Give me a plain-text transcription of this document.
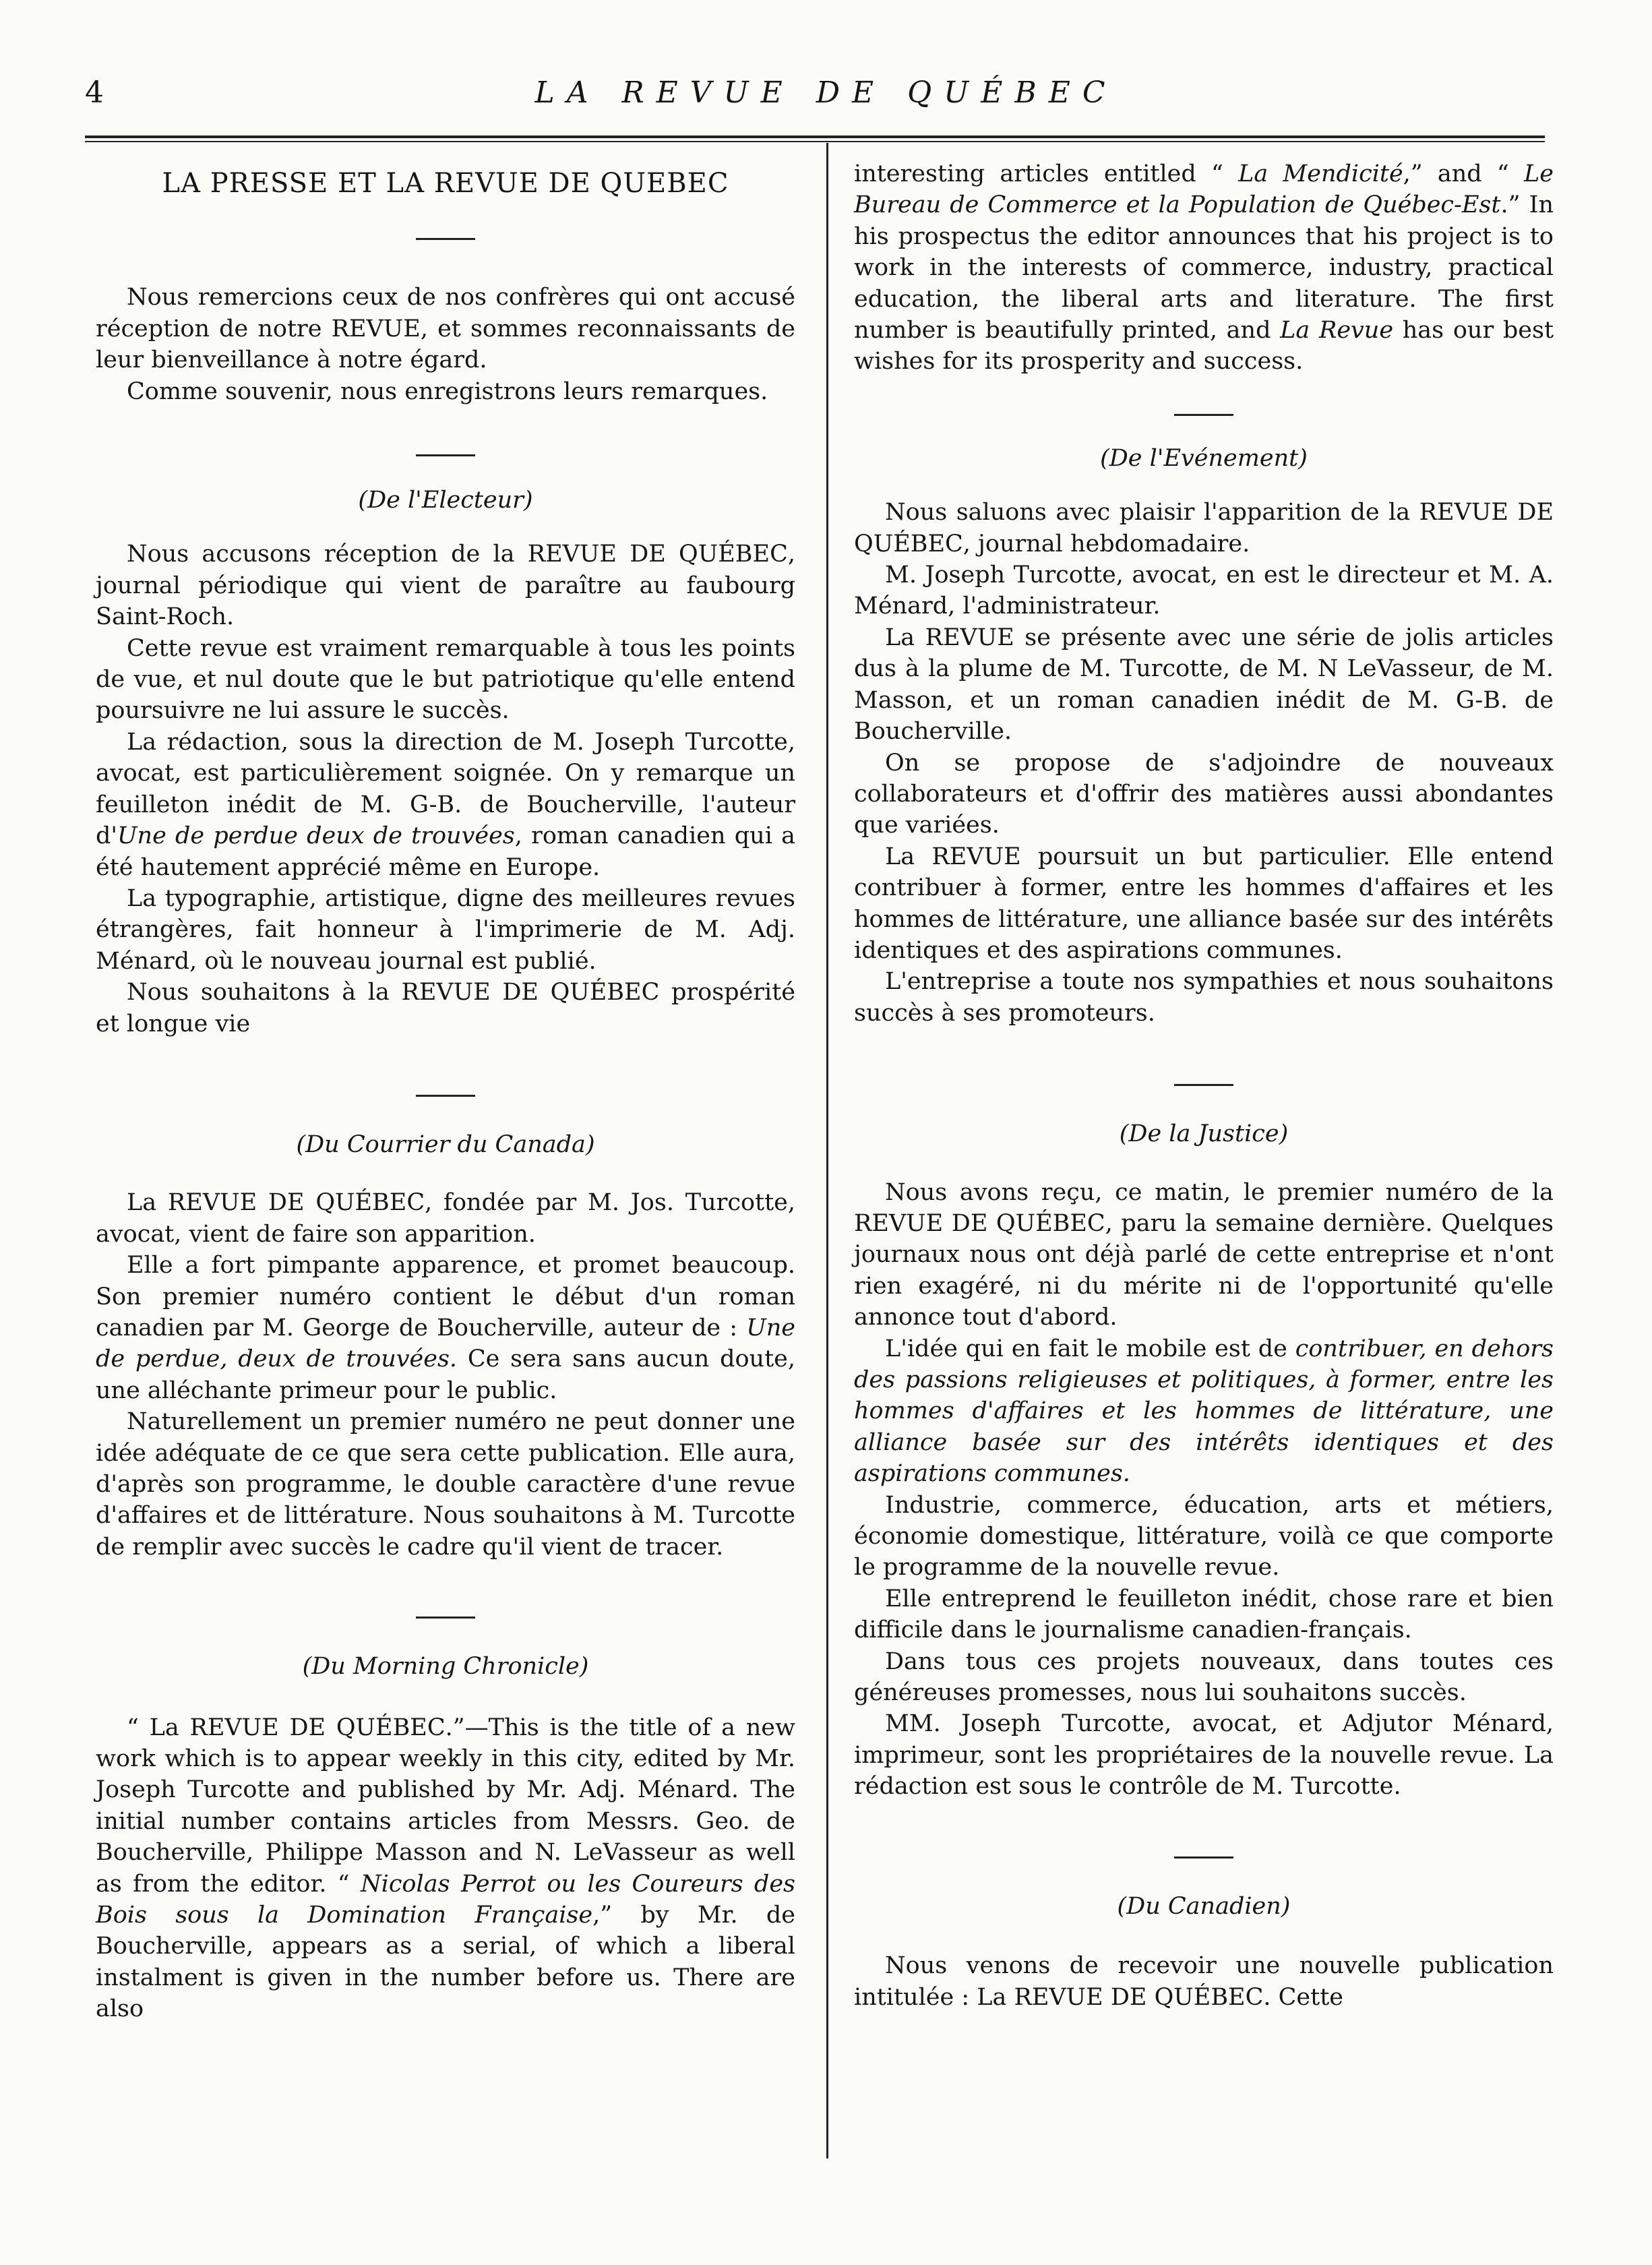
4	LA REVUE DE QUÉBEC
LA PRESSE ET LA REVUE DE QUEBEC

Nous remercions ceux de nos confrères qui ont accusé réception de notre REVUE, et sommes reconnaissants de leur bienveillance à notre égard.

Comme souvenir, nous enregistrons leurs remarques.

(De l'Electeur)

Nous accusons réception de la REVUE DE QUÉBEC, journal périodique qui vient de paraître au faubourg Saint-Roch.

Cette revue est vraiment remarquable à tous les points de vue, et nul doute que le but patriotique qu'elle entend poursuivre ne lui assure le succès.

La rédaction, sous la direction de M. Joseph Turcotte, avocat, est particulièrement soignée. On y remarque un feuilleton inédit de M. G-B. de Boucherville, l'auteur d'Une de perdue deux de trouvées, roman canadien qui a été hautement apprécié même en Europe.

La typographie, artistique, digne des meilleures revues étrangères, fait honneur à l'imprimerie de M. Adj. Ménard, où le nouveau journal est publié.

Nous souhaitons à la REVUE DE QUÉBEC prospérité et longue vie

(Du Courrier du Canada)

La REVUE DE QUÉBEC, fondée par M. Jos. Turcotte, avocat, vient de faire son apparition.

Elle a fort pimpante apparence, et promet beaucoup. Son premier numéro contient le début d'un roman canadien par M. George de Boucherville, auteur de : Une de perdue, deux de trouvées. Ce sera sans aucun doute, une alléchante primeur pour le public.

Naturellement un premier numéro ne peut donner une idée adéquate de ce que sera cette publication. Elle aura, d'après son programme, le double caractère d'une revue d'affaires et de littérature. Nous souhaitons à M. Turcotte de remplir avec succès le cadre qu'il vient de tracer.

(Du Morning Chronicle)

“ La REVUE DE QUÉBEC.”—This is the title of a new work which is to appear weekly in this city, edited by Mr. Joseph Turcotte and published by Mr. Adj. Ménard. The initial number contains articles from Messrs. Geo. de Boucherville, Philippe Masson and N. LeVasseur as well as from the editor. “ Nicolas Perrot ou les Coureurs des Bois sous la Domination Française,” by Mr. de Boucherville, appears as a serial, of which a liberal instalment is given in the number before us. There are also

interesting articles entitled “ La Mendicité,” and “ Le Bureau de Commerce et la Population de Québec-Est.” In his prospectus the editor announces that his project is to work in the interests of commerce, industry, practical education, the liberal arts and literature. The first number is beautifully printed, and La Revue has our best wishes for its prosperity and success.

(De l'Evénement)

Nous saluons avec plaisir l'apparition de la REVUE DE QUÉBEC, journal hebdomadaire.

M. Joseph Turcotte, avocat, en est le directeur et M. A. Ménard, l'administrateur.

La REVUE se présente avec une série de jolis articles dus à la plume de M. Turcotte, de M. N LeVasseur, de M. Masson, et un roman canadien inédit de M. G-B. de Boucherville.

On se propose de s'adjoindre de nouveaux collaborateurs et d'offrir des matières aussi abondantes que variées.

La REVUE poursuit un but particulier. Elle entend contribuer à former, entre les hommes d'affaires et les hommes de littérature, une alliance basée sur des intérêts identiques et des aspirations communes.

L'entreprise a toute nos sympathies et nous souhaitons succès à ses promoteurs.

(De la Justice)

Nous avons reçu, ce matin, le premier numéro de la REVUE DE QUÉBEC, paru la semaine dernière. Quelques journaux nous ont déjà parlé de cette entreprise et n'ont rien exagéré, ni du mérite ni de l'opportunité qu'elle annonce tout d'abord.

L'idée qui en fait le mobile est de contribuer, en dehors des passions religieuses et politiques, à former, entre les hommes d'affaires et les hommes de littérature, une alliance basée sur des intérêts identiques et des aspirations communes.

Industrie, commerce, éducation, arts et métiers, économie domestique, littérature, voilà ce que comporte le programme de la nouvelle revue.

Elle entreprend le feuilleton inédit, chose rare et bien difficile dans le journalisme canadien-français.

Dans tous ces projets nouveaux, dans toutes ces généreuses promesses, nous lui souhaitons succès.

MM. Joseph Turcotte, avocat, et Adjutor Ménard, imprimeur, sont les propriétaires de la nouvelle revue. La rédaction est sous le contrôle de M. Turcotte.

(Du Canadien)

Nous venons de recevoir une nouvelle publication intitulée : La REVUE DE QUÉBEC. Cette
